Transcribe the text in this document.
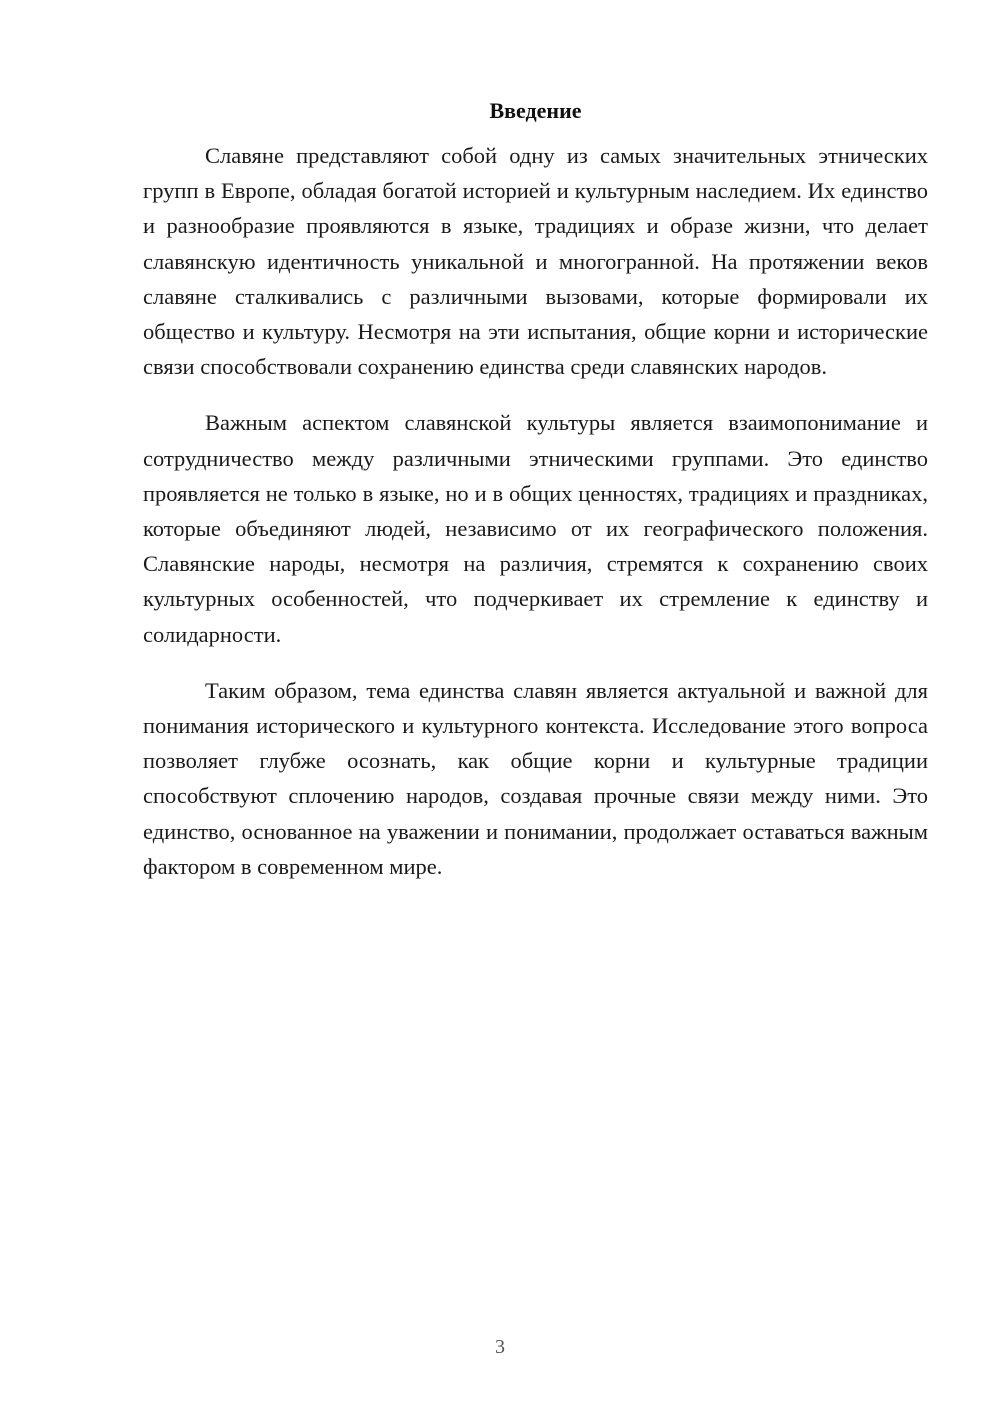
Введение

Славяне представляют собой одну из самых значительных этнических групп в Европе, обладая богатой историей и культурным наследием. Их единство и разнообразие проявляются в языке, традициях и образе жизни, что делает славянскую идентичность уникальной и многогранной. На протяжении веков славяне сталкивались с различными вызовами, которые формировали их общество и культуру. Несмотря на эти испытания, общие корни и исторические связи способствовали сохранению единства среди славянских народов.

Важным аспектом славянской культуры является взаимопонимание и сотрудничество между различными этническими группами. Это единство проявляется не только в языке, но и в общих ценностях, традициях и праздниках, которые объединяют людей, независимо от их географического положения. Славянские народы, несмотря на различия, стремятся к сохранению своих культурных особенностей, что подчеркивает их стремление к единству и солидарности.

Таким образом, тема единства славян является актуальной и важной для понимания исторического и культурного контекста. Исследование этого вопроса позволяет глубже осознать, как общие корни и культурные традиции способствуют сплочению народов, создавая прочные связи между ними. Это единство, основанное на уважении и понимании, продолжает оставаться важным фактором в современном мире.

3
